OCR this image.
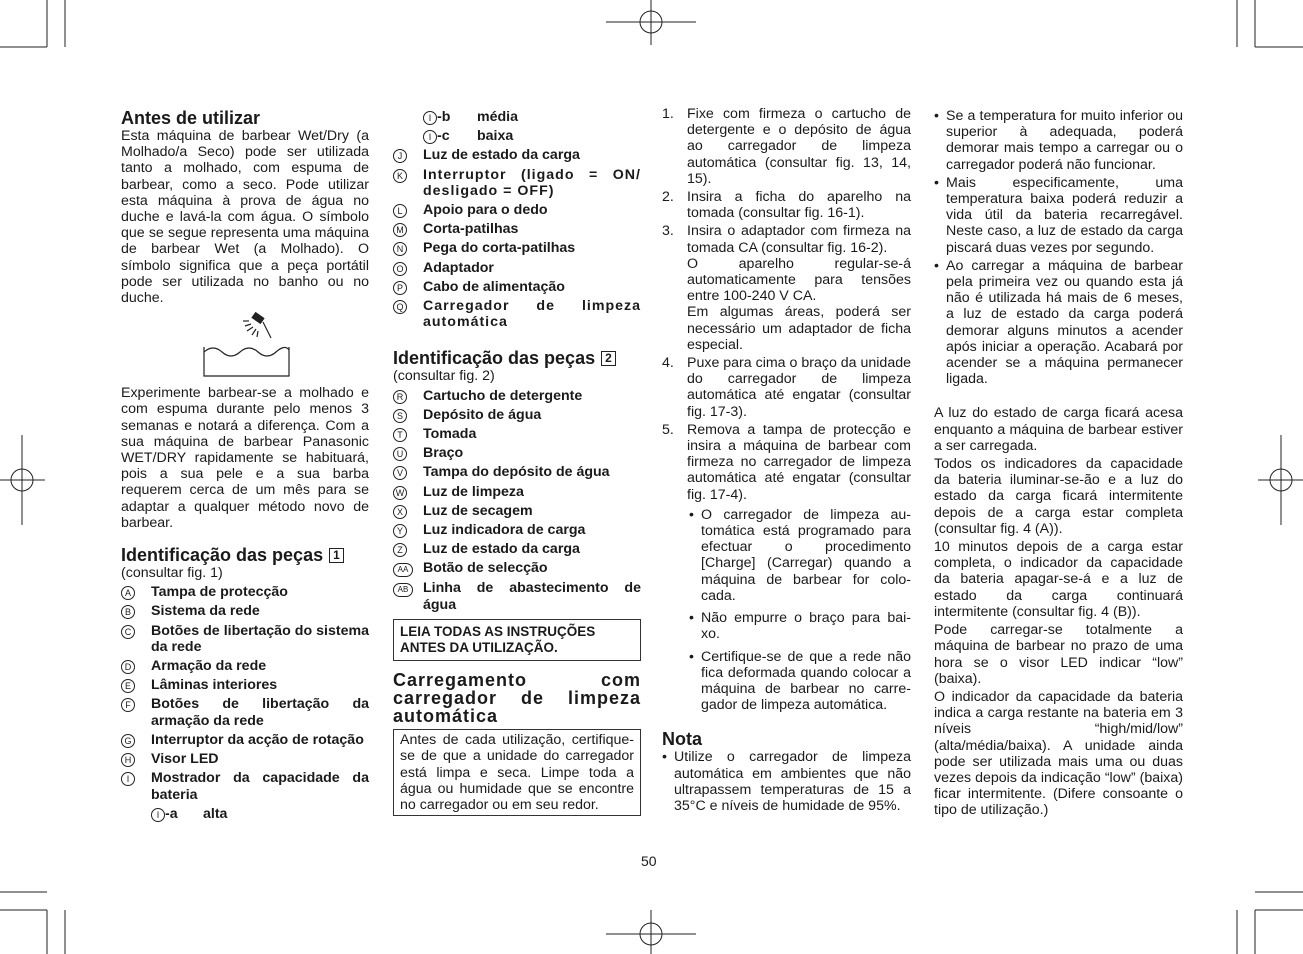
Antes de utilizar

Esta máquina de barbear Wet/Dry (a Molhado/a Seco) pode ser utilizada tanto a molhado, com espuma de barbear, como a seco. Pode utilizar esta máquina à prova de água no duche e lavá-la com água. O símbolo que se segue representa uma máquina de barbear Wet (a Molhado). O símbolo significa que a peça portátil pode ser utilizada no banho ou no duche.

Experimente barbear-se a molhado e com espuma durante pelo menos 3 semanas e notará a diferença. Com a sua máquina de barbear Panasonic WET/DRY rapidamente se habituará, pois a sua pele e a sua barba requerem cerca de um mês para se adaptar a qualquer método novo de barbear.

Identificação das peças 1

(consultar fig. 1)

A	Tampa de protecção
B	Sistema da rede
C	Botões de libertação do sistema da rede
D	Armação da rede
E	Lâminas interiores
F	Botões de libertação da armação da rede
G	Interruptor da acção de rotação
H	Visor LED
I	Mostrador da capacidade da bateria
I -a	alta
I -b	média
I -c	baixa
J	Luz de estado da carga
K	Interruptor (ligado = ON/ desligado = OFF)
L	Apoio para o dedo
M	Corta-patilhas
N	Pega do corta-patilhas
O	Adaptador
P	Cabo de alimentação
Q	Carregador de limpeza automática
Identificação das peças 2

(consultar fig. 2)

R	Cartucho de detergente
S	Depósito de água
T	Tomada
U	Braço
V	Tampa do depósito de água
W	Luz de limpeza
X	Luz de secagem
Y	Luz indicadora de carga
Z	Luz de estado da carga
AA	Botão de selecção
AB	Linha de abastecimento de água
LEIA TODAS AS INSTRUÇÕES ANTES DA UTILIZAÇÃO.
Carregamento com carregador de limpeza automática

Antes de cada utilização, certifique-se de que a unidade do carregador está limpa e seca. Limpe toda a água ou humidade que se encontre no carregador ou em seu redor.

1. Fixe com firmeza o cartucho de detergente e o depósito de água ao carregador de limpeza automática (consultar fig. 13, 14, 15).
2. Insira a ficha do aparelho na tomada (consultar fig. 16-1).
3. Insira o adaptador com firmeza na tomada CA (consultar fig. 16-2).

O aparelho regular-se-á automaticamente para tensões entre 100-240 V CA.

Em algumas áreas, poderá ser necessário um adaptador de ficha especial.

4. Puxe para cima o braço da unidade do carregador de limpeza automática até engatar (consultar fig. 17-3).
5. Remova a tampa de protecção e insira a máquina de barbear com firmeza no carregador de limpeza automática até engatar (consultar fig. 17-4).

• O carregador de limpeza au- tomática está programado para efectuar o procedimento [Charge] (Carregar) quando a máquina de barbear for colo- cada.
• Não empurre o braço para bai- xo.
• Certifique-se de que a rede não fica deformada quando colocar a máquina de barbear no carre- gador de limpeza automática.
Nota
• Utilize o carregador de limpeza automática em ambientes que não ultrapassem temperaturas de 15 a 35°C e níveis de humidade de 95%.
• Se a temperatura for muito inferior ou superior à adequada, poderá demorar mais tempo a carregar ou o carregador poderá não funcionar.
• Mais especificamente, uma temperatura baixa poderá reduzir a vida útil da bateria recarregável. Neste caso, a luz de estado da carga piscará duas vezes por segundo.
• Ao carregar a máquina de barbear pela primeira vez ou quando esta já não é utilizada há mais de 6 meses, a luz de estado da carga poderá demorar alguns minutos a acender após iniciar a operação. Acabará por acender se a máquina permanecer ligada.

A luz do estado de carga ficará acesa enquanto a máquina de barbear estiver a ser carregada.

Todos os indicadores da capacidade da bateria iluminar-se-ão e a luz do estado da carga ficará intermitente depois de a carga estar completa (consultar fig. 4 (A)).

10 minutos depois de a carga estar completa, o indicador da capacidade da bateria apagar-se-á e a luz de estado da carga continuará intermitente (consultar fig. 4 (B)).

Pode carregar-se totalmente a máquina de barbear no prazo de uma hora se o visor LED indicar “low” (baixa).

O indicador da capacidade da bateria indica a carga restante na bateria em 3 níveis “high/mid/low” (alta/média/baixa). A unidade ainda pode ser utilizada mais uma ou duas vezes depois da indicação “low” (baixa) ficar intermitente. (Difere consoante o tipo de utilização.)

50
